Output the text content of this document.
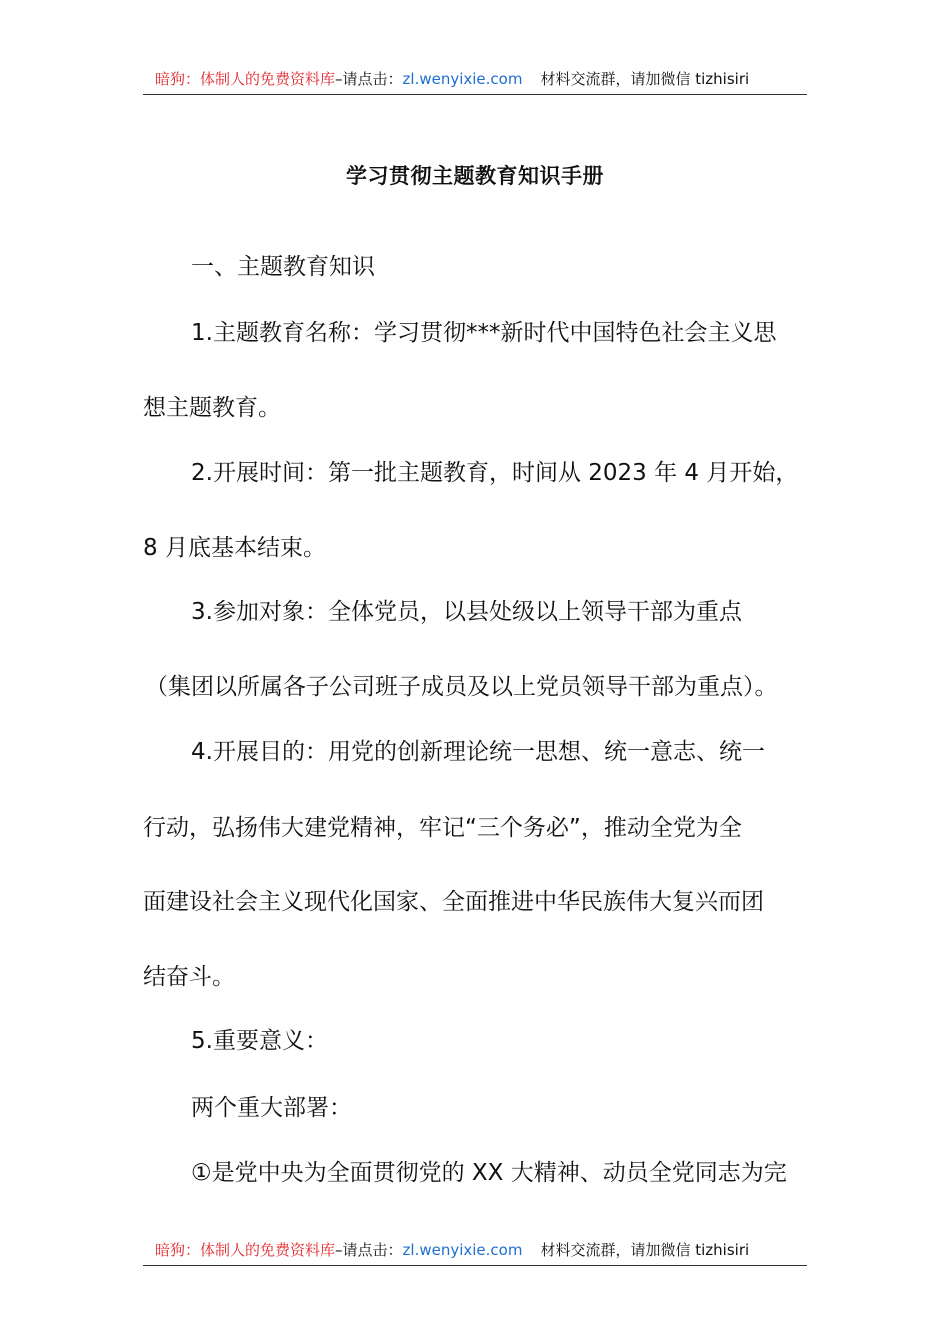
暗狗：体制人的免费资料库–请点击：zl.wenyixie.com 材料交流群，请加微信 tizhisiri
学习贯彻主题教育知识手册
一、主题教育知识
1.主题教育名称：学习贯彻***新时代中国特色社会主义思
想主题教育。
2.开展时间：第一批主题教育，时间从 2023 年 4 月开始，
8 月底基本结束。
3.参加对象：全体党员，以县处级以上领导干部为重点
（集团以所属各子公司班子成员及以上党员领导干部为重点）。
4.开展目的：用党的创新理论统一思想、统一意志、统一
行动，弘扬伟大建党精神，牢记“三个务必”，推动全党为全
面建设社会主义现代化国家、全面推进中华民族伟大复兴而团
结奋斗。
5.重要意义：
两个重大部署：
①是党中央为全面贯彻党的 XX 大精神、动员全党同志为完
暗狗：体制人的免费资料库–请点击：zl.wenyixie.com 材料交流群，请加微信 tizhisiri
